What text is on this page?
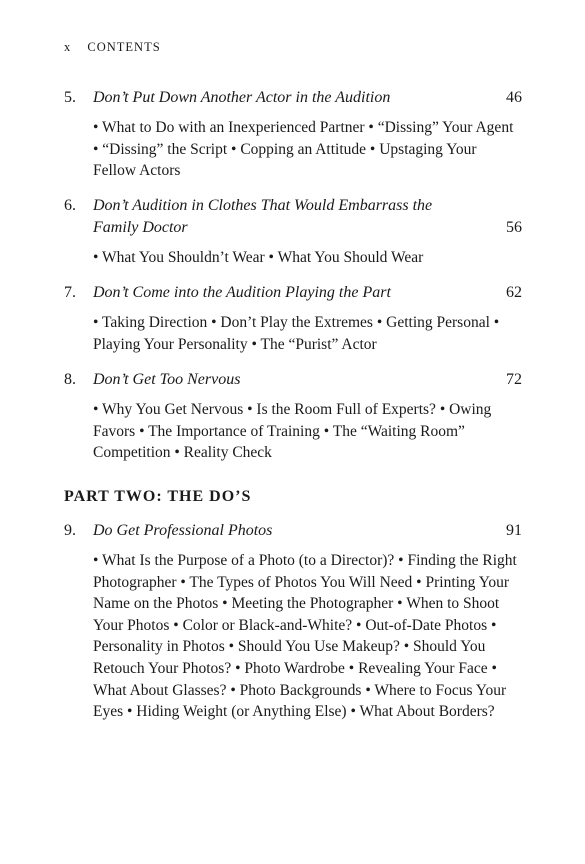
x CONTENTS
5. Don’t Put Down Another Actor in the Audition	46
• What to Do with an Inexperienced Partner • “Dissing” Your Agent • “Dissing” the Script • Copping an Attitude • Upstaging Your Fellow Actors
6. Don’t Audition in Clothes That Would Embarrass the Family Doctor	56
• What You Shouldn’t Wear • What You Should Wear
7. Don’t Come into the Audition Playing the Part	62
• Taking Direction • Don’t Play the Extremes • Getting Personal • Playing Your Personality • The “Purist” Actor
8. Don’t Get Too Nervous	72
• Why You Get Nervous • Is the Room Full of Experts? • Owing Favors • The Importance of Training • The “Waiting Room” Competition • Reality Check
PART TWO: THE DO’S
9. Do Get Professional Photos	91
• What Is the Purpose of a Photo (to a Director)? • Finding the Right Photographer • The Types of Photos You Will Need • Printing Your Name on the Photos • Meeting the Photographer • When to Shoot Your Photos • Color or Black-and-White? • Out-of-Date Photos • Personality in Photos • Should You Use Makeup? • Should You Retouch Your Photos? • Photo Wardrobe • Revealing Your Face • What About Glasses? • Photo Backgrounds • Where to Focus Your Eyes • Hiding Weight (or Anything Else) • What About Borders?
